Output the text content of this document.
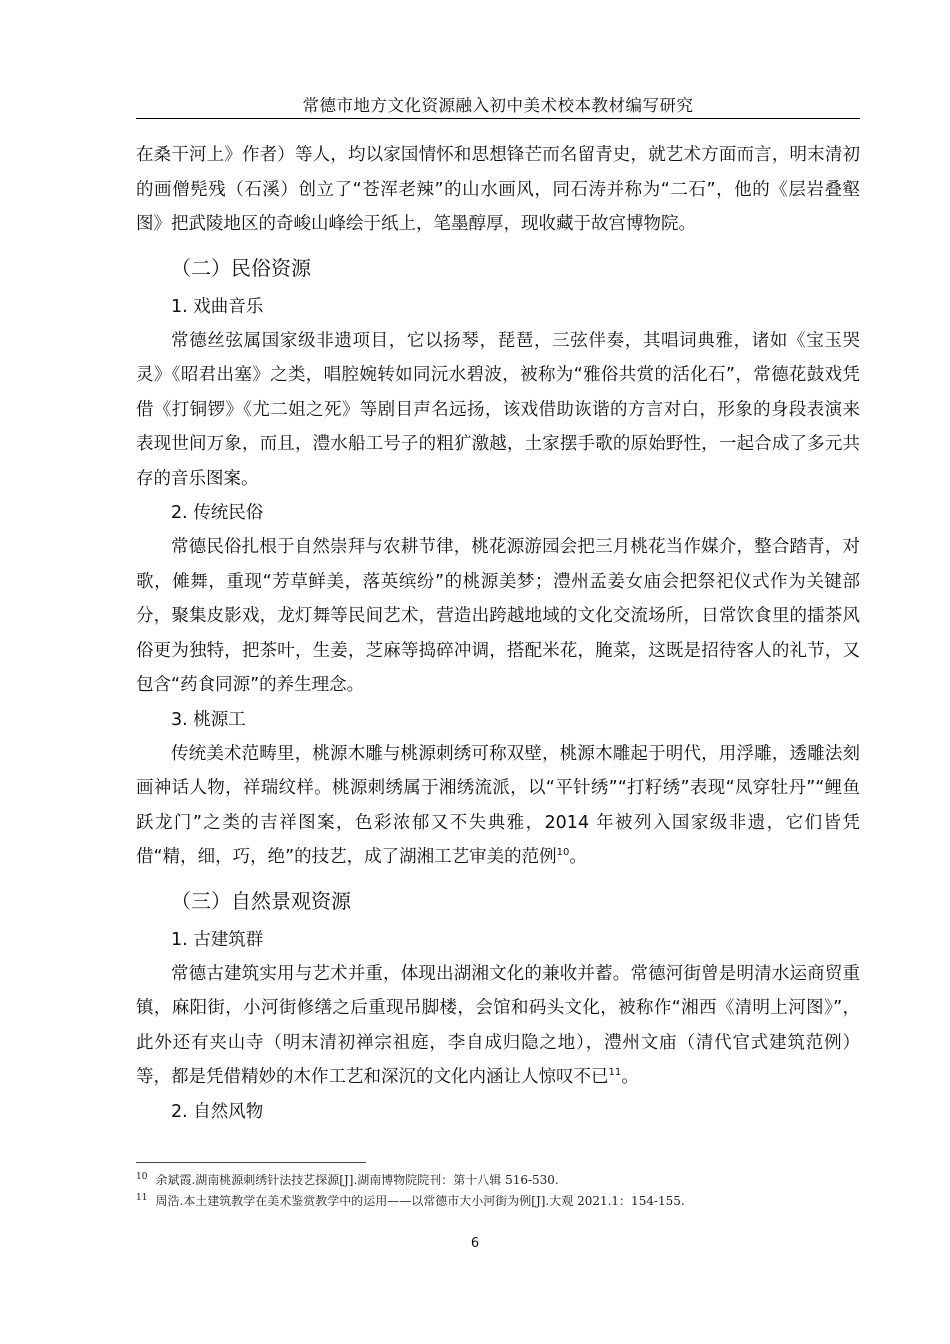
常德市地方文化资源融入初中美术校本教材编写研究

在桑干河上》作者）等人，均以家国情怀和思想锋芒而名留青史，就艺术方面而言，明末清初的画僧髡残（石溪）创立了“苍浑老辣”的山水画风，同石涛并称为“二石”，他的《层岩叠壑图》把武陵地区的奇峻山峰绘于纸上，笔墨醇厚，现收藏于故宫博物院。

（二）民俗资源
1. 戏曲音乐

常德丝弦属国家级非遗项目，它以扬琴，琵琶，三弦伴奏，其唱词典雅，诸如《宝玉哭灵》《昭君出塞》之类，唱腔婉转如同沅水碧波，被称为“雅俗共赏的活化石”，常德花鼓戏凭借《打铜锣》《尤二姐之死》等剧目声名远扬，该戏借助诙谐的方言对白，形象的身段表演来表现世间万象，而且，澧水船工号子的粗犷激越，土家摆手歌的原始野性，一起合成了多元共存的音乐图案。

2. 传统民俗

常德民俗扎根于自然崇拜与农耕节律，桃花源游园会把三月桃花当作媒介，整合踏青，对歌，傩舞，重现“芳草鲜美，落英缤纷”的桃源美梦；澧州孟姜女庙会把祭祀仪式作为关键部分，聚集皮影戏，龙灯舞等民间艺术，营造出跨越地域的文化交流场所，日常饮食里的擂茶风俗更为独特，把茶叶，生姜，芝麻等捣碎冲调，搭配米花，腌菜，这既是招待客人的礼节，又包含“药食同源”的养生理念。

3. 桃源工

传统美术范畴里，桃源木雕与桃源刺绣可称双壁，桃源木雕起于明代，用浮雕，透雕法刻画神话人物，祥瑞纹样。桃源刺绣属于湘绣流派，以“平针绣”“打籽绣”表现“凤穿牡丹”“鲤鱼跃龙门”之类的吉祥图案，色彩浓郁又不失典雅，2014 年被列入国家级非遗，它们皆凭借“精，细，巧，绝”的技艺，成了湖湘工艺审美的范例$^{10}$。

（三）自然景观资源
1. 古建筑群

常德古建筑实用与艺术并重，体现出湖湘文化的兼收并蓄。常德河街曾是明清水运商贸重镇，麻阳街，小河街修缮之后重现吊脚楼，会馆和码头文化，被称作“湘西《清明上河图》”，此外还有夹山寺（明末清初禅宗祖庭，李自成归隐之地），澧州文庙（清代官式建筑范例）等，都是凭借精妙的木作工艺和深沉的文化内涵让人惊叹不已$^{11}$。

2. 自然风物
$^{10}$ 余斌霞.湖南桃源刺绣针法技艺探源[J].湖南博物院院刊：第十八辑 516-530.
$^{11}$ 周浩.本土建筑教学在美术鉴赏教学中的运用——以常德市大小河街为例[J].大观 2021.1：154-155.
6
